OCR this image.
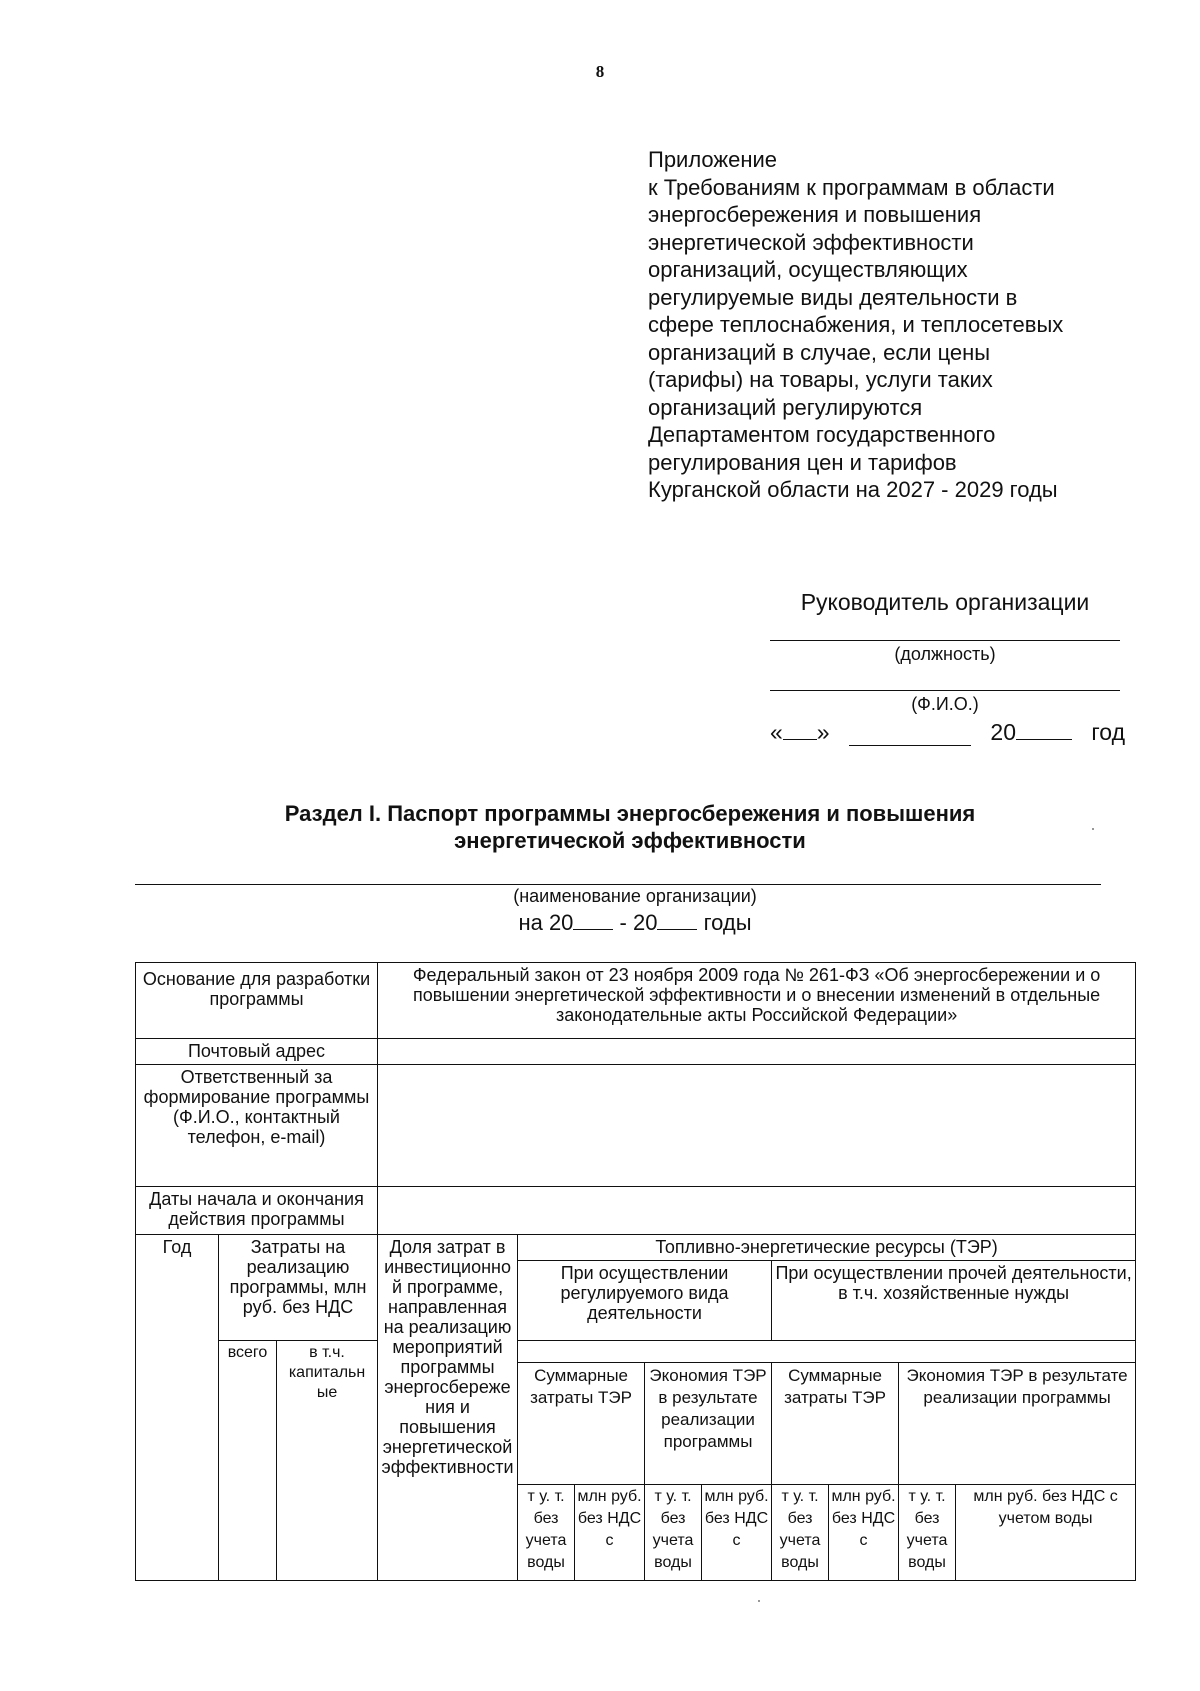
8
Приложение
к Требованиям к программам в области
энергосбережения и повышения
энергетической эффективности
организаций, осуществляющих
регулируемые виды деятельности в
сфере теплоснабжения, и теплосетевых
организаций в случае, если цены
(тарифы) на товары, услуги таких
организаций регулируются
Департаментом государственного
регулирования цен и тарифов
Курганской области на 2027 - 2029 годы
Руководитель организации
(должность)
(Ф.И.О.)
« »	20	год
Раздел I. Паспорт программы энергосбережения и повышения
энергетической эффективности
(наименование организации)
на 20 - 20 годы
Основание для разработки программы			Федеральный закон от 23 ноября 2009 года № 261-ФЗ «Об энергосбережении и о повышении энергетической эффективности и о внесении изменений в отдельные законодательные акты Российской Федерации»								
Почтовый адрес											
Ответственный за формирование программы (Ф.И.О., контактный телефон, e-mail)											
Даты начала и окончания действия программы											
Год	Затраты на реализацию программы, млн руб. без НДС		Доля затрат в инвестиционно й программе, направленная на реализацию мероприятий программы энергосбереже ния и повышения энергетической эффективности	Топливно-энергетические ресурсы (ТЭР)							
				При осуществлении регулируемого вида деятельности				При осуществлении прочей деятельности, в т.ч. хозяйственные нужды			
	всего	в т.ч. капитальн ые									
				Суммарные затраты ТЭР		Экономия ТЭР в результате реализации программы		Суммарные затраты ТЭР		Экономия ТЭР в результате реализации программы	
				т у. т. без учета воды	млн руб. без НДС с	т у. т. без учета воды	млн руб. без НДС с	т у. т. без учета воды	млн руб. без НДС с	т у. т. без учета воды	млн руб. без НДС с учетом воды
